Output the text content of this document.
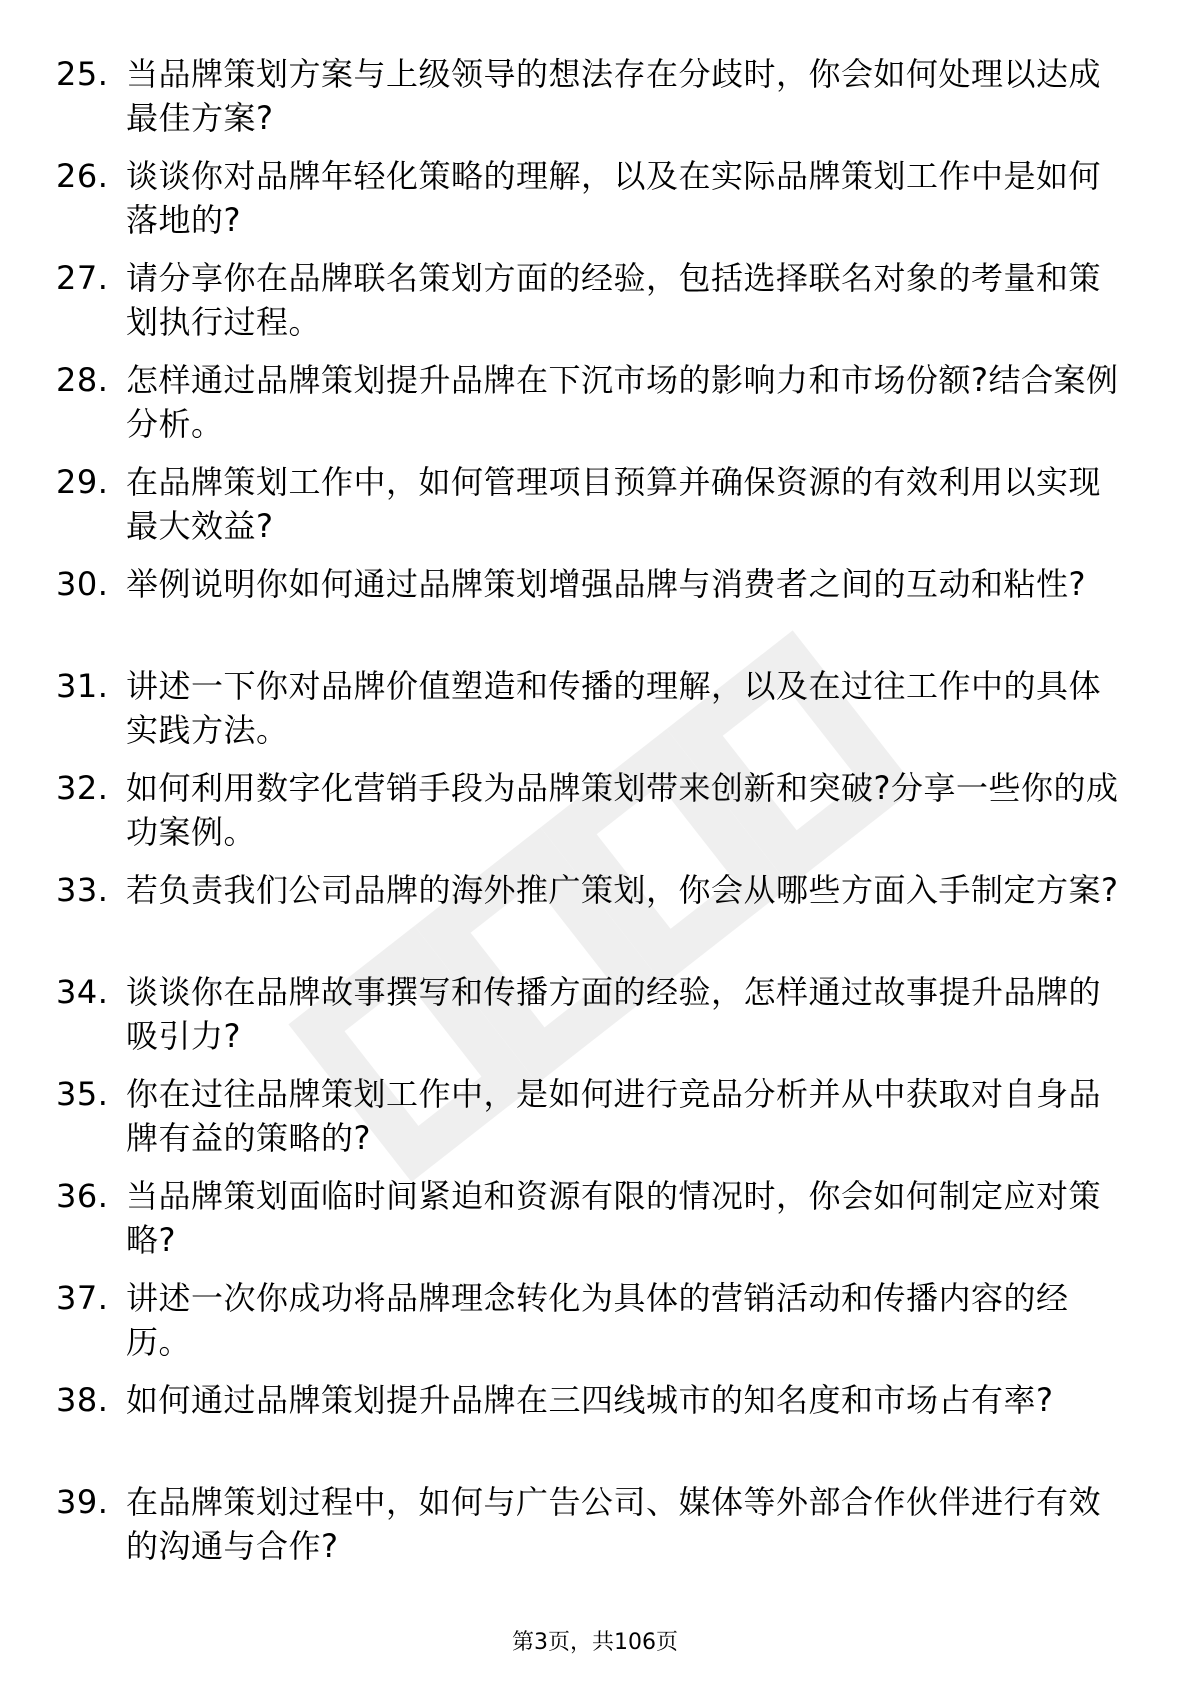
25. 当品牌策划方案与上级领导的想法存在分歧时，你会如何处理以达成最佳方案?
26. 谈谈你对品牌年轻化策略的理解，以及在实际品牌策划工作中是如何落地的?
27. 请分享你在品牌联名策划方面的经验，包括选择联名对象的考量和策划执行过程。
28. 怎样通过品牌策划提升品牌在下沉市场的影响力和市场份额?结合案例分析。
29. 在品牌策划工作中，如何管理项目预算并确保资源的有效利用以实现最大效益?
30. 举例说明你如何通过品牌策划增强品牌与消费者之间的互动和粘性?
31. 讲述一下你对品牌价值塑造和传播的理解，以及在过往工作中的具体实践方法。
32. 如何利用数字化营销手段为品牌策划带来创新和突破?分享一些你的成功案例。
33. 若负责我们公司品牌的海外推广策划，你会从哪些方面入手制定方案?
34. 谈谈你在品牌故事撰写和传播方面的经验，怎样通过故事提升品牌的吸引力?
35. 你在过往品牌策划工作中，是如何进行竞品分析并从中获取对自身品牌有益的策略的?
36. 当品牌策划面临时间紧迫和资源有限的情况时，你会如何制定应对策略?
37. 讲述一次你成功将品牌理念转化为具体的营销活动和传播内容的经历。
38. 如何通过品牌策划提升品牌在三四线城市的知名度和市场占有率?
39. 在品牌策划过程中，如何与广告公司、媒体等外部合作伙伴进行有效的沟通与合作?
第3页，共106页
